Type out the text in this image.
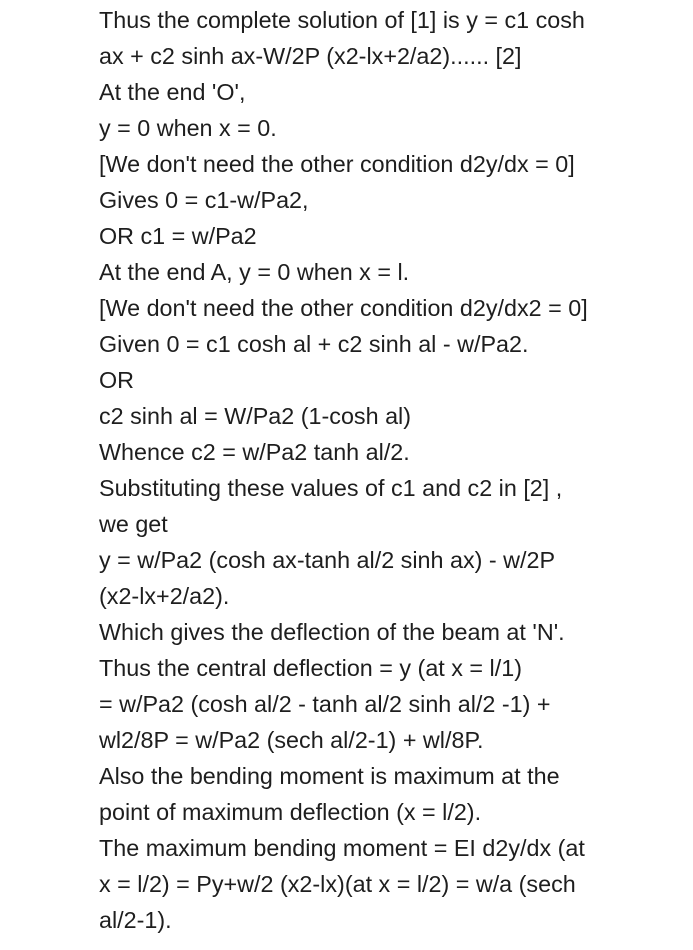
Thus the complete solution of [1] is y = c1 cosh
ax + c2 sinh ax-W/2P (x2-lx+2/a2)...... [2]
At the end 'O',
y = 0 when x = 0.
[We don't need the other condition d2y/dx = 0]
Gives 0 = c1-w/Pa2,
OR c1 = w/Pa2
At the end A, y = 0 when x = l.
[We don't need the other condition d2y/dx2 = 0]
Given 0 = c1 cosh al + c2 sinh al - w/Pa2.
OR
c2 sinh al = W/Pa2 (1-cosh al)
Whence c2 = w/Pa2 tanh al/2.
Substituting these values of c1 and c2 in [2] ,
we get
y = w/Pa2 (cosh ax-tanh al/2 sinh ax) - w/2P
(x2-lx+2/a2).
Which gives the deflection of the beam at 'N'.
Thus the central deflection = y (at x = l/1)
= w/Pa2 (cosh al/2 - tanh al/2 sinh al/2 -1) +
wl2/8P = w/Pa2 (sech al/2-1) + wl/8P.
Also the bending moment is maximum at the
point of maximum deflection (x = l/2).
The maximum bending moment = EI d2y/dx (at
x = l/2) = Py+w/2 (x2-lx)(at x = l/2) = w/a (sech
al/2-1).
